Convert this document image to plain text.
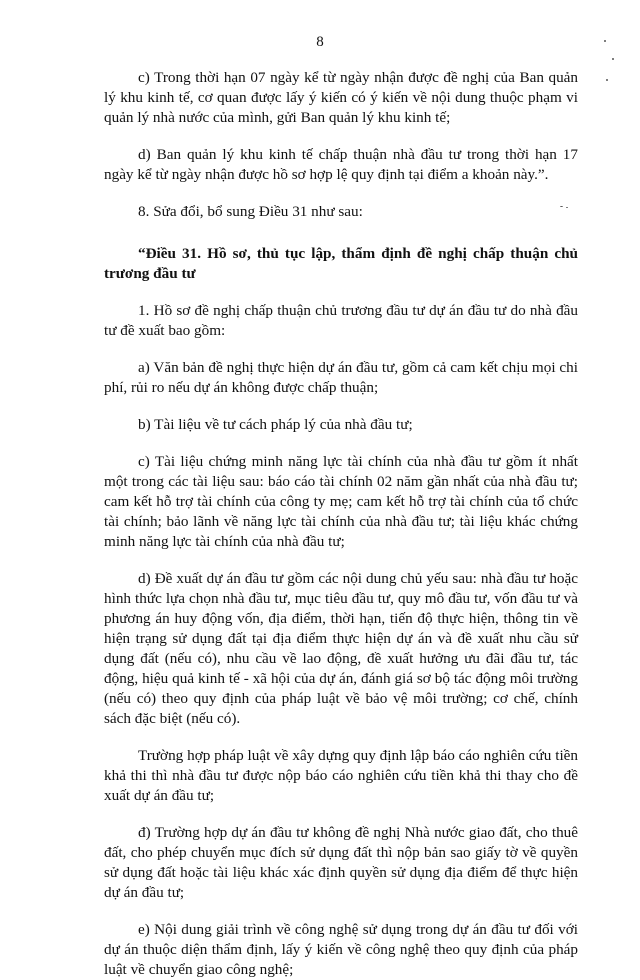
8

c) Trong thời hạn 07 ngày kể từ ngày nhận được đề nghị của Ban quản lý khu kinh tế, cơ quan được lấy ý kiến có ý kiến về nội dung thuộc phạm vi quản lý nhà nước của mình, gửi Ban quản lý khu kinh tế;

d) Ban quản lý khu kinh tế chấp thuận nhà đầu tư trong thời hạn 17 ngày kể từ ngày nhận được hồ sơ hợp lệ quy định tại điểm a khoản này.”.

8. Sửa đổi, bổ sung Điều 31 như sau:

“Điều 31. Hồ sơ, thủ tục lập, thẩm định đề nghị chấp thuận chủ trương đầu tư

1. Hồ sơ đề nghị chấp thuận chủ trương đầu tư dự án đầu tư do nhà đầu tư đề xuất bao gồm:

a) Văn bản đề nghị thực hiện dự án đầu tư, gồm cả cam kết chịu mọi chi phí, rủi ro nếu dự án không được chấp thuận;

b) Tài liệu về tư cách pháp lý của nhà đầu tư;

c) Tài liệu chứng minh năng lực tài chính của nhà đầu tư gồm ít nhất một trong các tài liệu sau: báo cáo tài chính 02 năm gần nhất của nhà đầu tư; cam kết hỗ trợ tài chính của công ty mẹ; cam kết hỗ trợ tài chính của tổ chức tài chính; bảo lãnh về năng lực tài chính của nhà đầu tư; tài liệu khác chứng minh năng lực tài chính của nhà đầu tư;

d) Đề xuất dự án đầu tư gồm các nội dung chủ yếu sau: nhà đầu tư hoặc hình thức lựa chọn nhà đầu tư, mục tiêu đầu tư, quy mô đầu tư, vốn đầu tư và phương án huy động vốn, địa điểm, thời hạn, tiến độ thực hiện, thông tin về hiện trạng sử dụng đất tại địa điểm thực hiện dự án và đề xuất nhu cầu sử dụng đất (nếu có), nhu cầu về lao động, đề xuất hưởng ưu đãi đầu tư, tác động, hiệu quả kinh tế - xã hội của dự án, đánh giá sơ bộ tác động môi trường (nếu có) theo quy định của pháp luật về bảo vệ môi trường; cơ chế, chính sách đặc biệt (nếu có).

Trường hợp pháp luật về xây dựng quy định lập báo cáo nghiên cứu tiền khả thi thì nhà đầu tư được nộp báo cáo nghiên cứu tiền khả thi thay cho đề xuất dự án đầu tư;

đ) Trường hợp dự án đầu tư không đề nghị Nhà nước giao đất, cho thuê đất, cho phép chuyển mục đích sử dụng đất thì nộp bản sao giấy tờ về quyền sử dụng đất hoặc tài liệu khác xác định quyền sử dụng địa điểm để thực hiện dự án đầu tư;

e) Nội dung giải trình về công nghệ sử dụng trong dự án đầu tư đối với dự án thuộc diện thẩm định, lấy ý kiến về công nghệ theo quy định của pháp luật về chuyển giao công nghệ;
